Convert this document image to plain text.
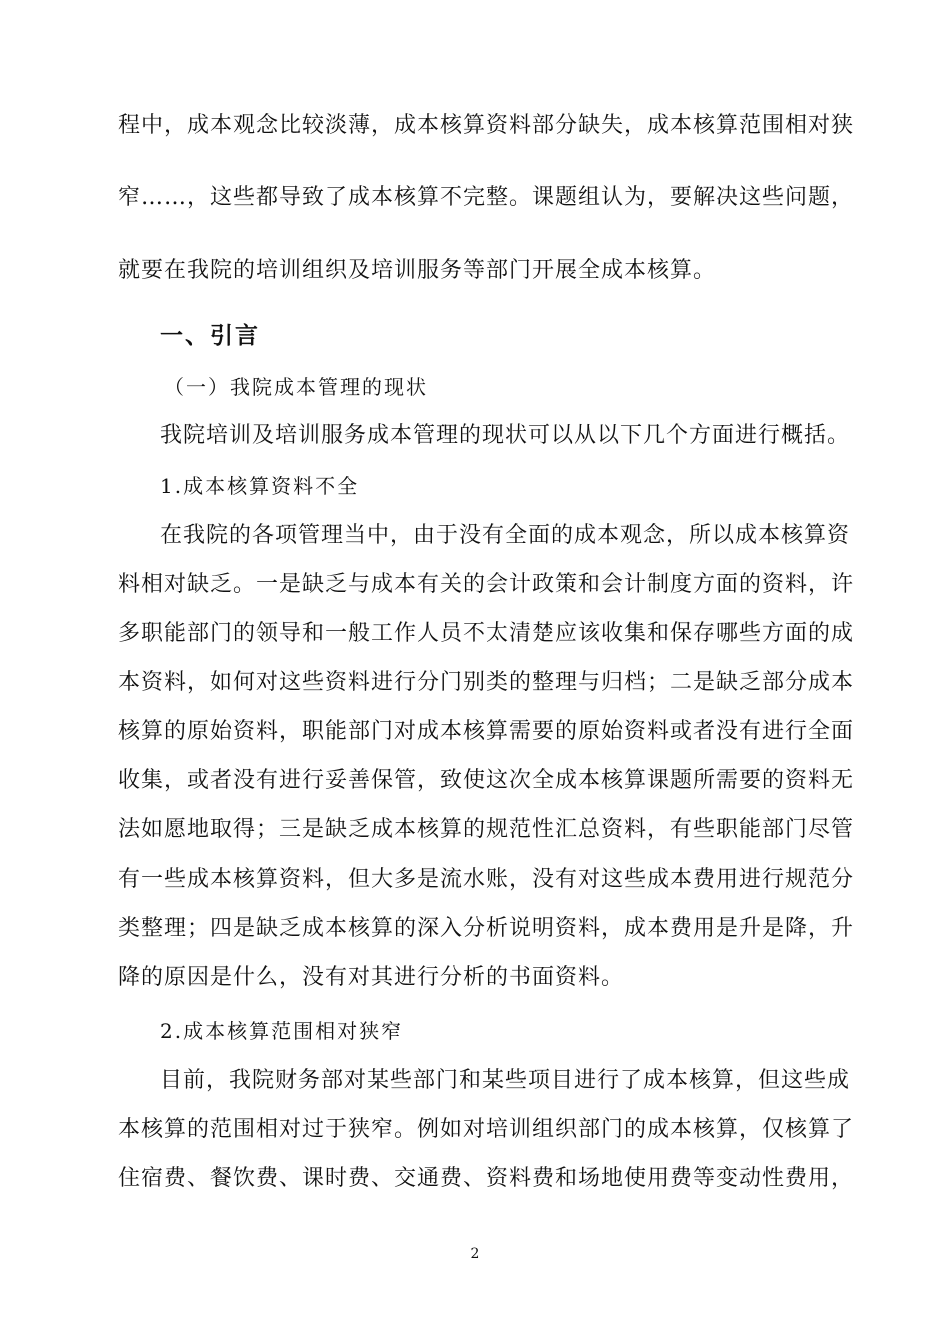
程中，成本观念比较淡薄，成本核算资料部分缺失，成本核算范围相对狭
窄……，这些都导致了成本核算不完整。课题组认为，要解决这些问题，
就要在我院的培训组织及培训服务等部门开展全成本核算。
一、引言
（一）我院成本管理的现状
我院培训及培训服务成本管理的现状可以从以下几个方面进行概括。
1.成本核算资料不全
在我院的各项管理当中，由于没有全面的成本观念，所以成本核算资
料相对缺乏。一是缺乏与成本有关的会计政策和会计制度方面的资料，许
多职能部门的领导和一般工作人员不太清楚应该收集和保存哪些方面的成
本资料，如何对这些资料进行分门别类的整理与归档；二是缺乏部分成本
核算的原始资料，职能部门对成本核算需要的原始资料或者没有进行全面
收集，或者没有进行妥善保管，致使这次全成本核算课题所需要的资料无
法如愿地取得；三是缺乏成本核算的规范性汇总资料，有些职能部门尽管
有一些成本核算资料，但大多是流水账，没有对这些成本费用进行规范分
类整理；四是缺乏成本核算的深入分析说明资料，成本费用是升是降，升
降的原因是什么，没有对其进行分析的书面资料。
2.成本核算范围相对狭窄
目前，我院财务部对某些部门和某些项目进行了成本核算，但这些成
本核算的范围相对过于狭窄。例如对培训组织部门的成本核算，仅核算了
住宿费、餐饮费、课时费、交通费、资料费和场地使用费等变动性费用，
2
